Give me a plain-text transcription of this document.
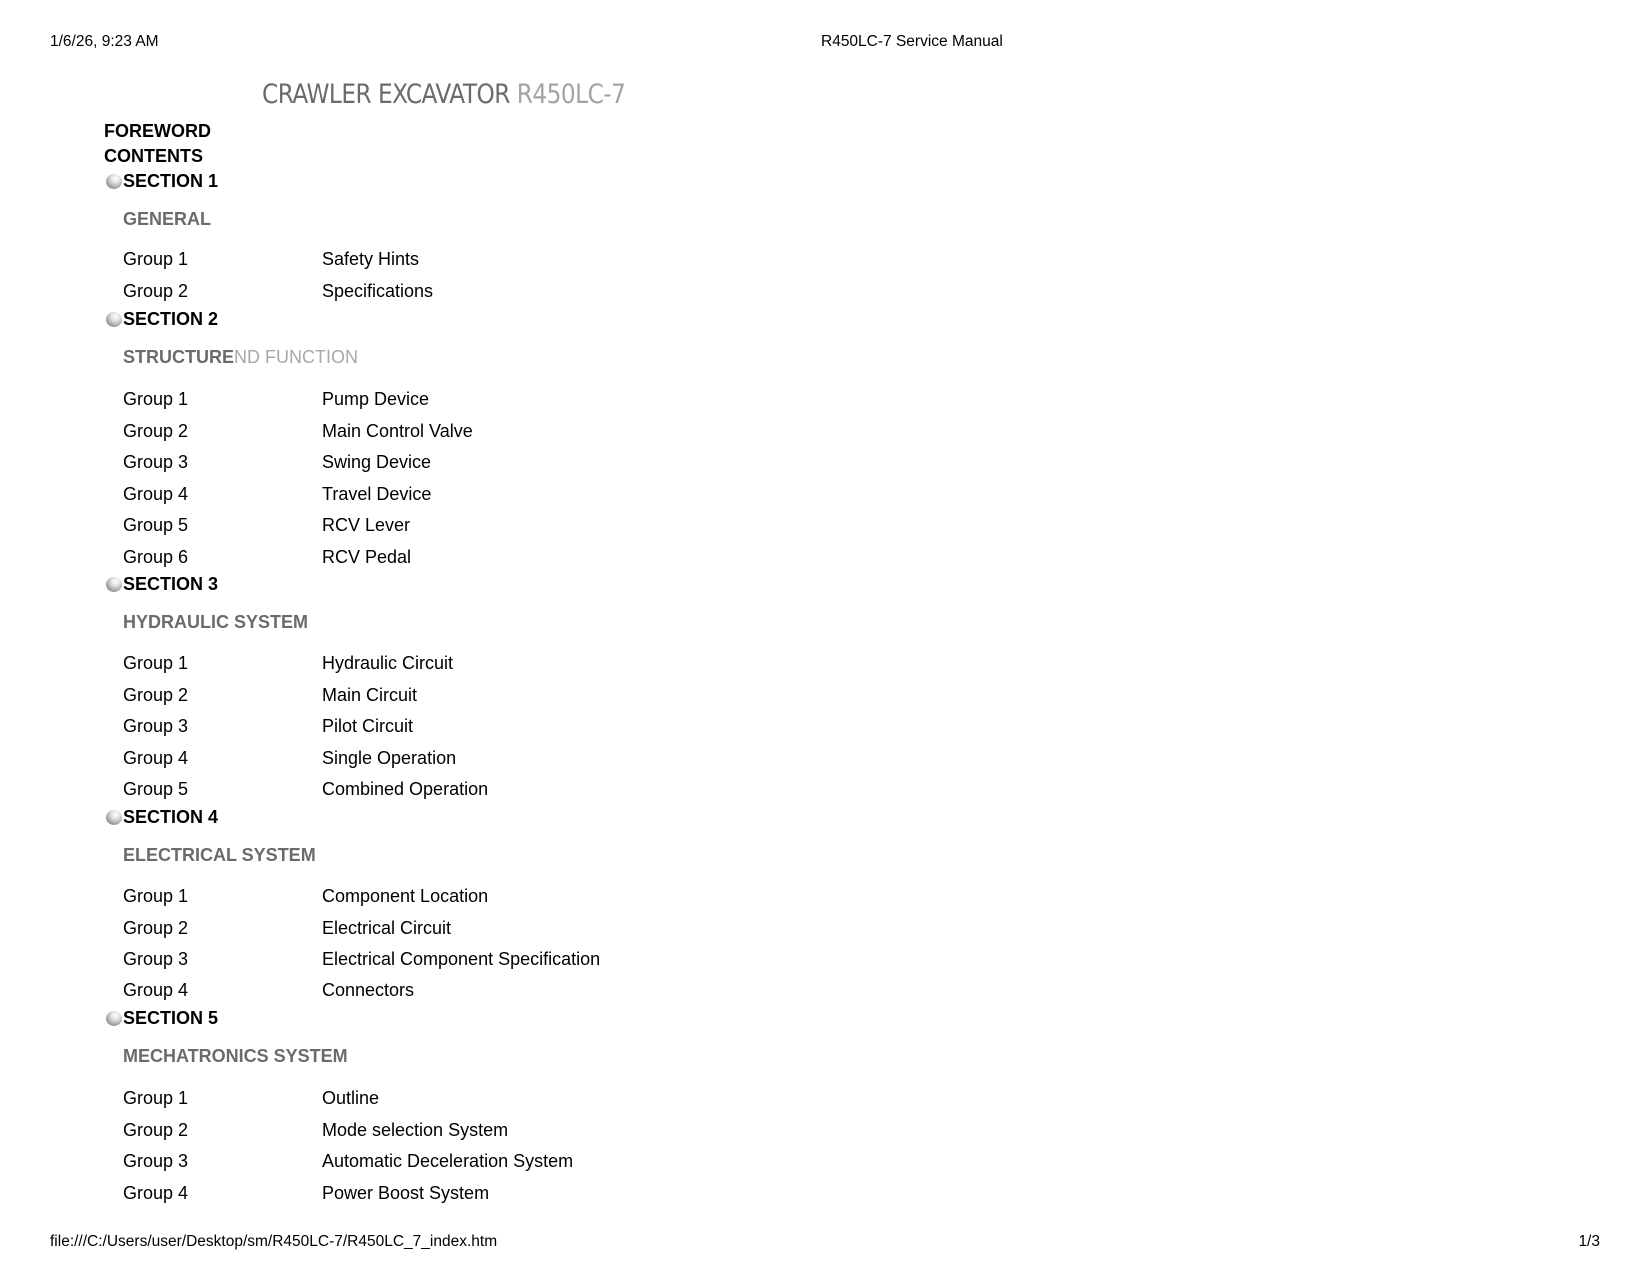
1/6/26, 9:23 AM	R450LC-7 Service Manual
file:///C:/Users/user/Desktop/sm/R450LC-7/R450LC_7_index.htm	1/3
CRAWLER EXCAVATOR R450LC-7
FOREWORD
CONTENTS
SECTION 1
GENERAL
Group 1	Safety Hints
Group 2	Specifications
SECTION 2
STRUCTUREND FUNCTION
Group 1	Pump Device
Group 2	Main Control Valve
Group 3	Swing Device
Group 4	Travel Device
Group 5	RCV Lever
Group 6	RCV Pedal
SECTION 3
HYDRAULIC SYSTEM
Group 1	Hydraulic Circuit
Group 2	Main Circuit
Group 3	Pilot Circuit
Group 4	Single Operation
Group 5	Combined Operation
SECTION 4
ELECTRICAL SYSTEM
Group 1	Component Location
Group 2	Electrical Circuit
Group 3	Electrical Component Specification
Group 4	Connectors
SECTION 5
MECHATRONICS SYSTEM
Group 1	Outline
Group 2	Mode selection System
Group 3	Automatic Deceleration System
Group 4	Power Boost System
